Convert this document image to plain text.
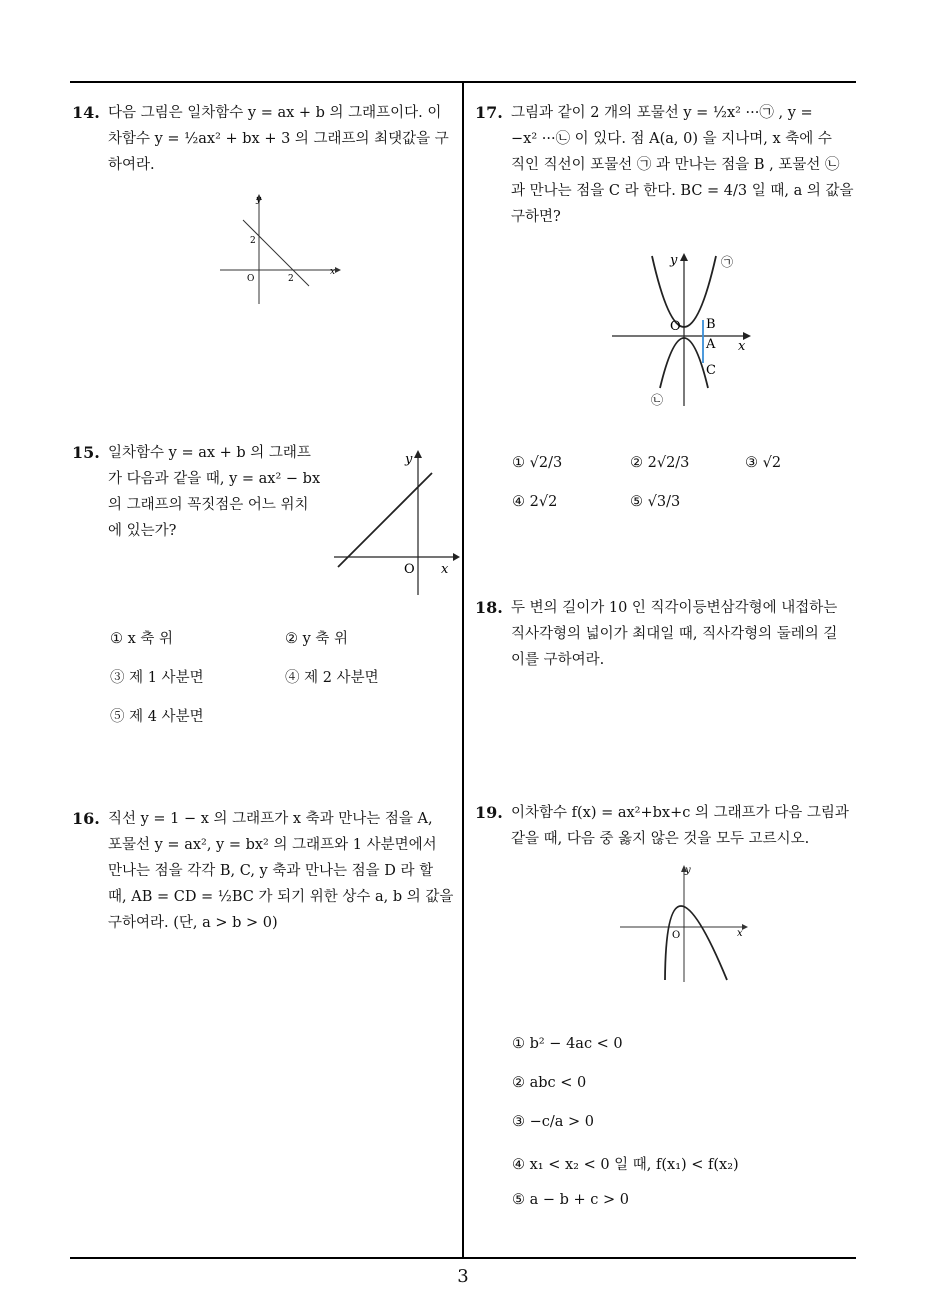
14. 다음 그림은 일차함수 y = ax + b 의 그래프이다. 이
차함수 y = ½ax² + bx + 3 의 그래프의 최댓값을 구
하여라.
x
y
O
2
2
15. 일차함수 y = ax + b 의 그래프
가 다음과 같을 때, y = ax² − bx
의 그래프의 꼭짓점은 어느 위치
에 있는가?
O x
y
① x 축 위	② y 축 위
③ 제 1 사분면	④ 제 2 사분면
⑤ 제 4 사분면
16. 직선 y = 1 − x 의 그래프가 x 축과 만나는 점을 A,
포물선 y = ax², y = bx² 의 그래프와 1 사분면에서
만나는 점을 각각 B, C, y 축과 만나는 점을 D 라 할
때, AB = CD = ½BC 가 되기 위한 상수 a, b 의 값을
구하여라. (단, a > b > 0)
17. 그림과 같이 2 개의 포물선 y = ½x² ···㉠ , y =
−x² ···㉡ 이 있다. 점 A(a, 0) 을 지나며, x 축에 수
직인 직선이 포물선 ㉠ 과 만나는 점을 B , 포물선 ㉡
과 만나는 점을 C 라 한다. BC = 4/3 일 때, a 의 값을
구하면?
O B
A
C
x
y	㉠
㉡
① √2/3	② 2√2/3	③ √2
④ 2√2	⑤ √3/3
18. 두 변의 길이가 10 인 직각이등변삼각형에 내접하는
직사각형의 넓이가 최대일 때, 직사각형의 둘레의 길
이를 구하여라.
19. 이차함수 f(x) = ax²+bx+c 의 그래프가 다음 그림과
같을 때, 다음 중 옳지 않은 것을 모두 고르시오.
O	x
y
① b² − 4ac < 0
② abc < 0
③ −c/a > 0
④ x₁ < x₂ < 0 일 때, f(x₁) < f(x₂)
⑤ a − b + c > 0
3
